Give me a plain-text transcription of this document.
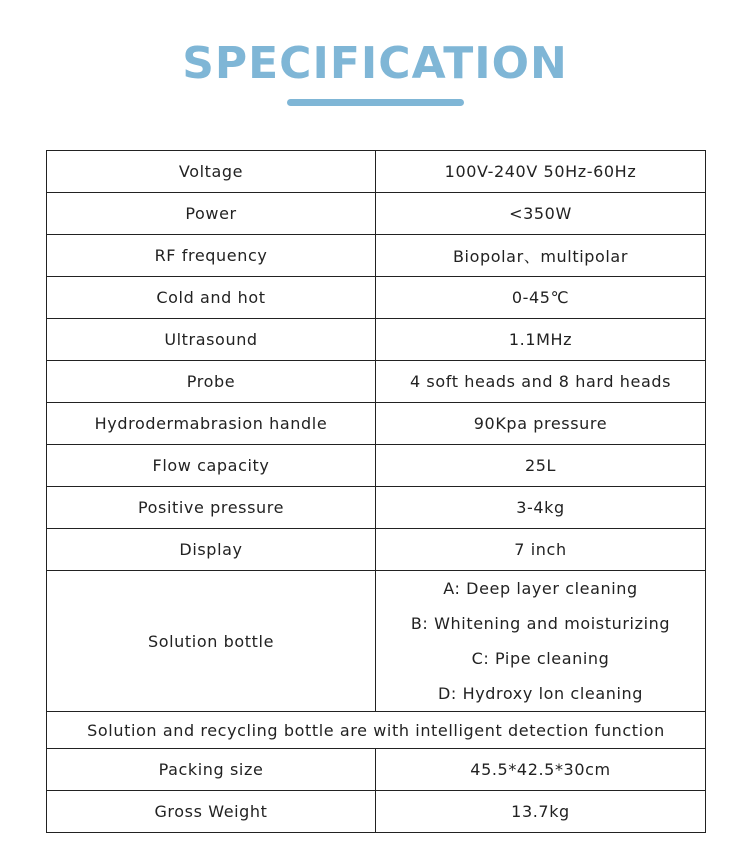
SPECIFICATION
Voltage	100V-240V 50Hz-60Hz
Power	<350W
RF frequency	Biopolar、multipolar
Cold and hot	0-45℃
Ultrasound	1.1MHz
Probe	4 soft heads and 8 hard heads
Hydrodermabrasion handle	90Kpa pressure
Flow capacity	25L
Positive pressure	3-4kg
Display	7 inch
Solution bottle	A: Deep layer cleaning
B: Whitening and moisturizing
C: Pipe cleaning
D: Hydroxy lon cleaning

Solution and recycling bottle are with intelligent detection function	
Packing size	45.5*42.5*30cm
Gross Weight	13.7kg
